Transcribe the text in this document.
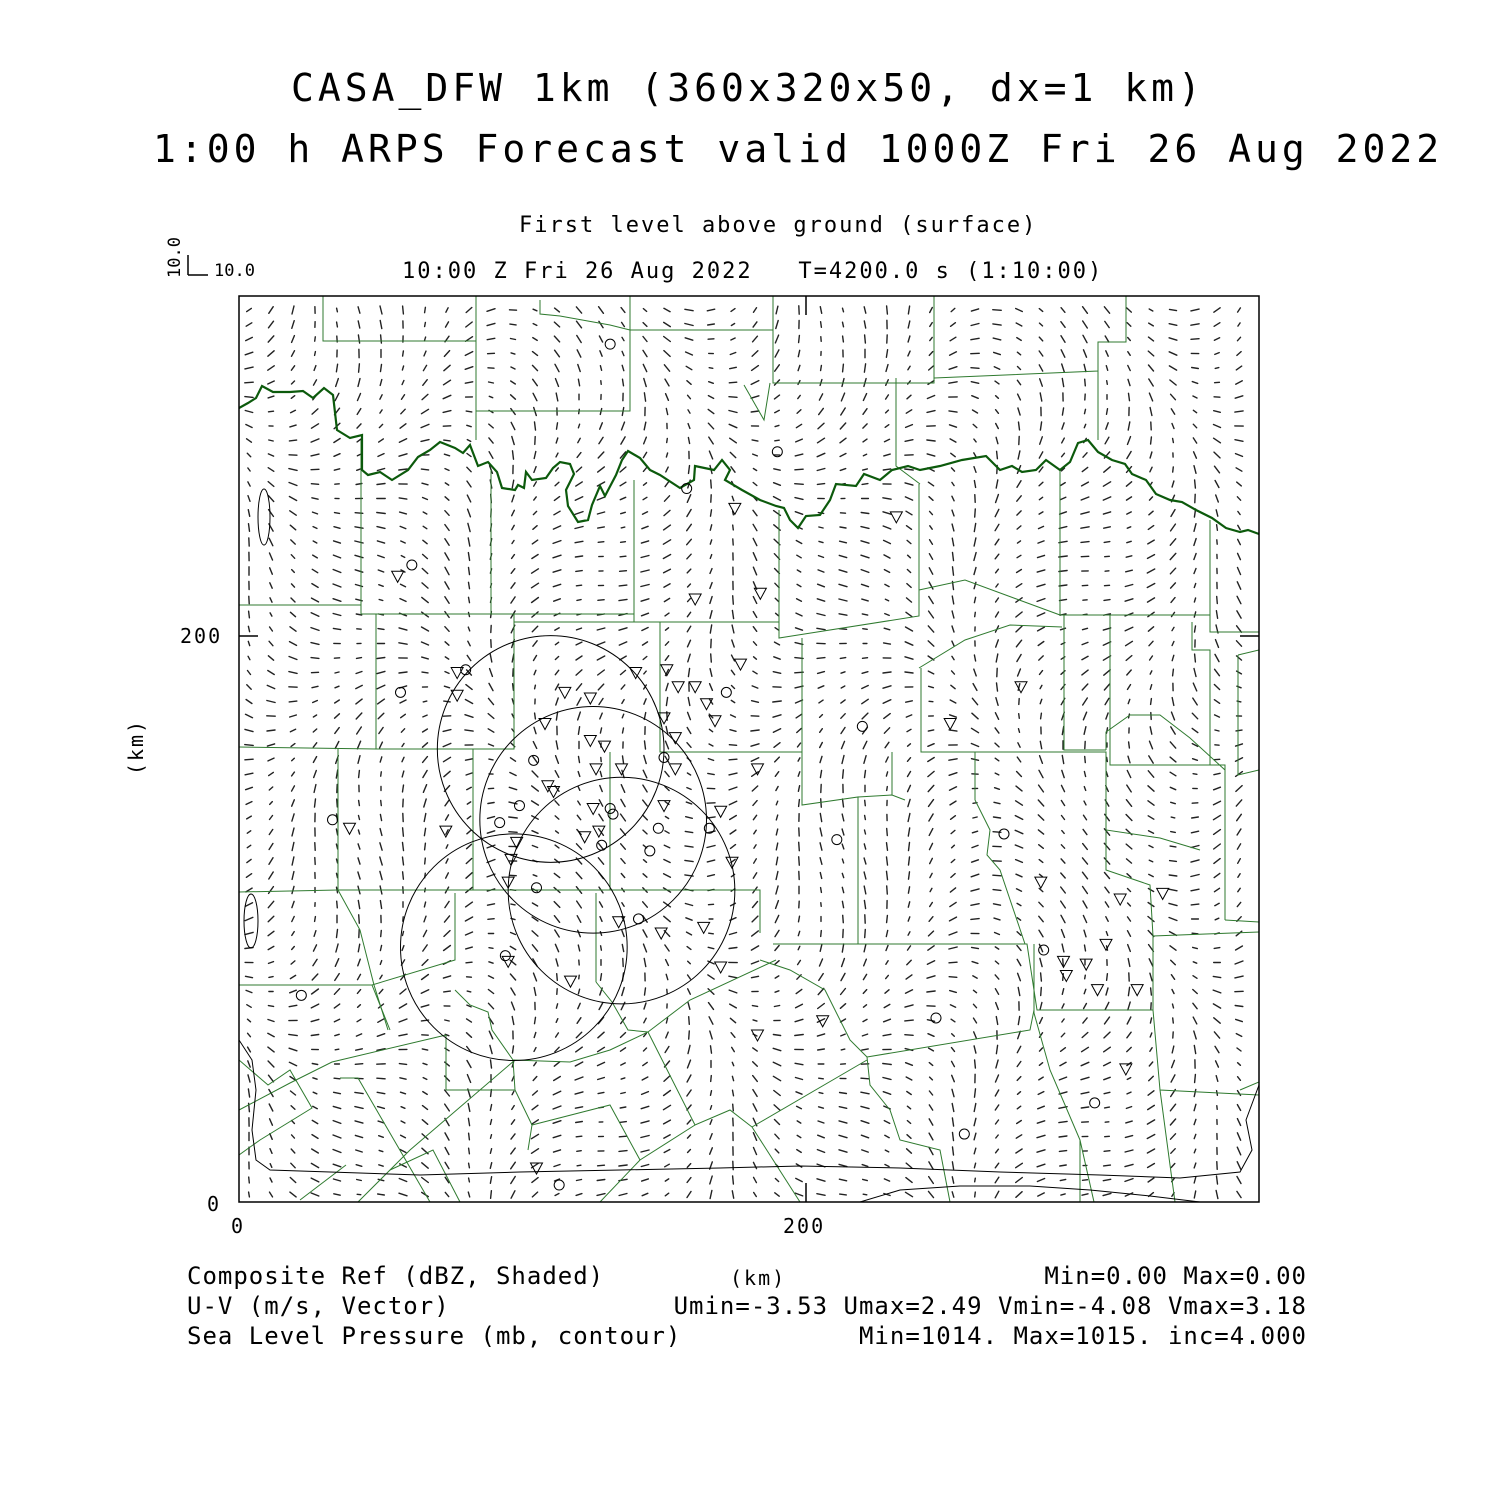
CASA_DFW 1km (360x320x50, dx=1 km)
1:00 h ARPS Forecast valid 1000Z Fri 26 Aug 2022
First level above ground (surface)
10:00 Z Fri 26 Aug 2022   T=4200.0 s (1:10:00)
10.0
10.0
200
0
0	200
(km)
(km)
Composite Ref (dBZ, Shaded)
U-V (m/s, Vector)
Sea Level Pressure (mb, contour)
Min=0.00 Max=0.00
Umin=-3.53 Umax=2.49 Vmin=-4.08 Vmax=3.18
Min=1014. Max=1015. inc=4.000
